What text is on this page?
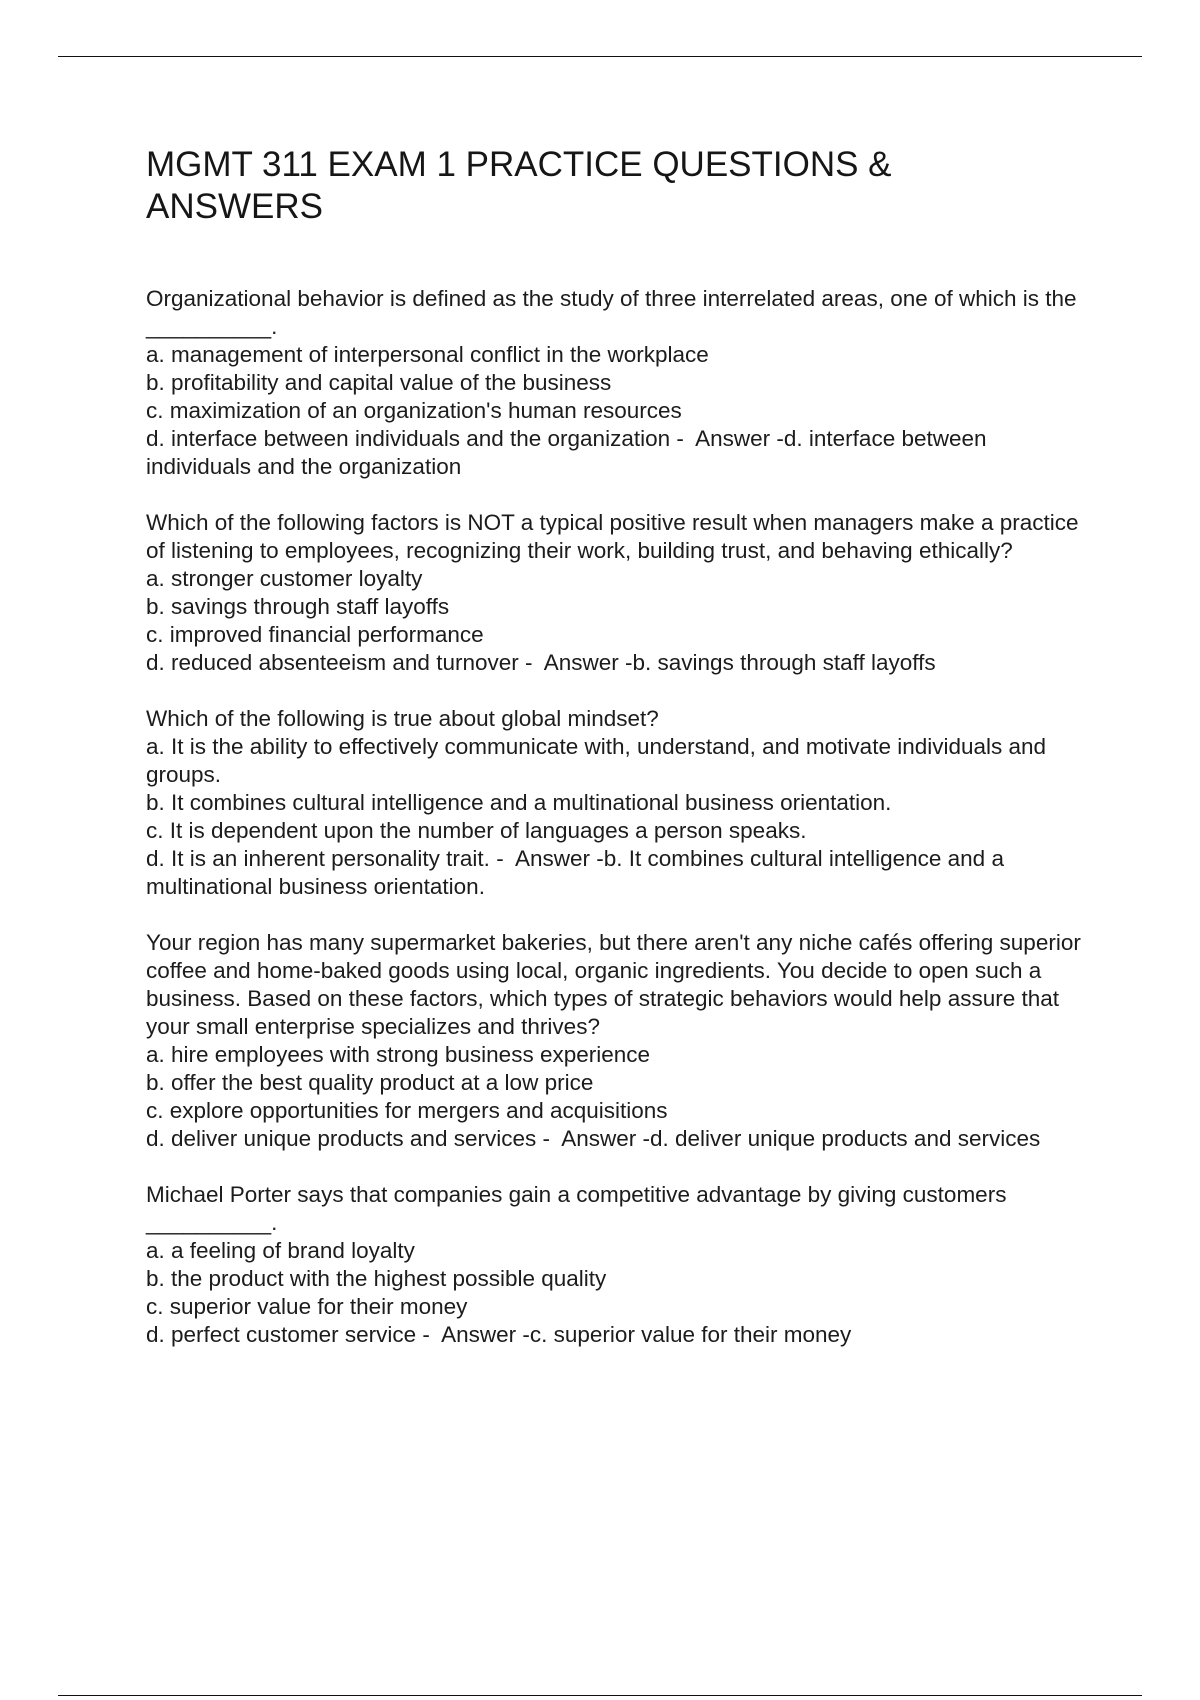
MGMT 311 EXAM 1 PRACTICE QUESTIONS & ANSWERS

Organizational behavior is defined as the study of three interrelated areas, one of which is the __________.

a. management of interpersonal conflict in the workplace

b. profitability and capital value of the business

c. maximization of an organization's human resources

d. interface between individuals and the organization -  Answer -d. interface between individuals and the organization

Which of the following factors is NOT a typical positive result when managers make a practice of listening to employees, recognizing their work, building trust, and behaving ethically?

a. stronger customer loyalty

b. savings through staff layoffs

c. improved financial performance

d. reduced absenteeism and turnover -  Answer -b. savings through staff layoffs

Which of the following is true about global mindset?

a. It is the ability to effectively communicate with, understand, and motivate individuals and groups.

b. It combines cultural intelligence and a multinational business orientation.

c. It is dependent upon the number of languages a person speaks.

d. It is an inherent personality trait. -  Answer -b. It combines cultural intelligence and a multinational business orientation.

Your region has many supermarket bakeries, but there aren't any niche cafés offering superior coffee and home-baked goods using local, organic ingredients. You decide to open such a business. Based on these factors, which types of strategic behaviors would help assure that your small enterprise specializes and thrives?

a. hire employees with strong business experience

b. offer the best quality product at a low price

c. explore opportunities for mergers and acquisitions

d. deliver unique products and services -  Answer -d. deliver unique products and services

Michael Porter says that companies gain a competitive advantage by giving customers __________.

a. a feeling of brand loyalty

b. the product with the highest possible quality

c. superior value for their money

d. perfect customer service -  Answer -c. superior value for their money
